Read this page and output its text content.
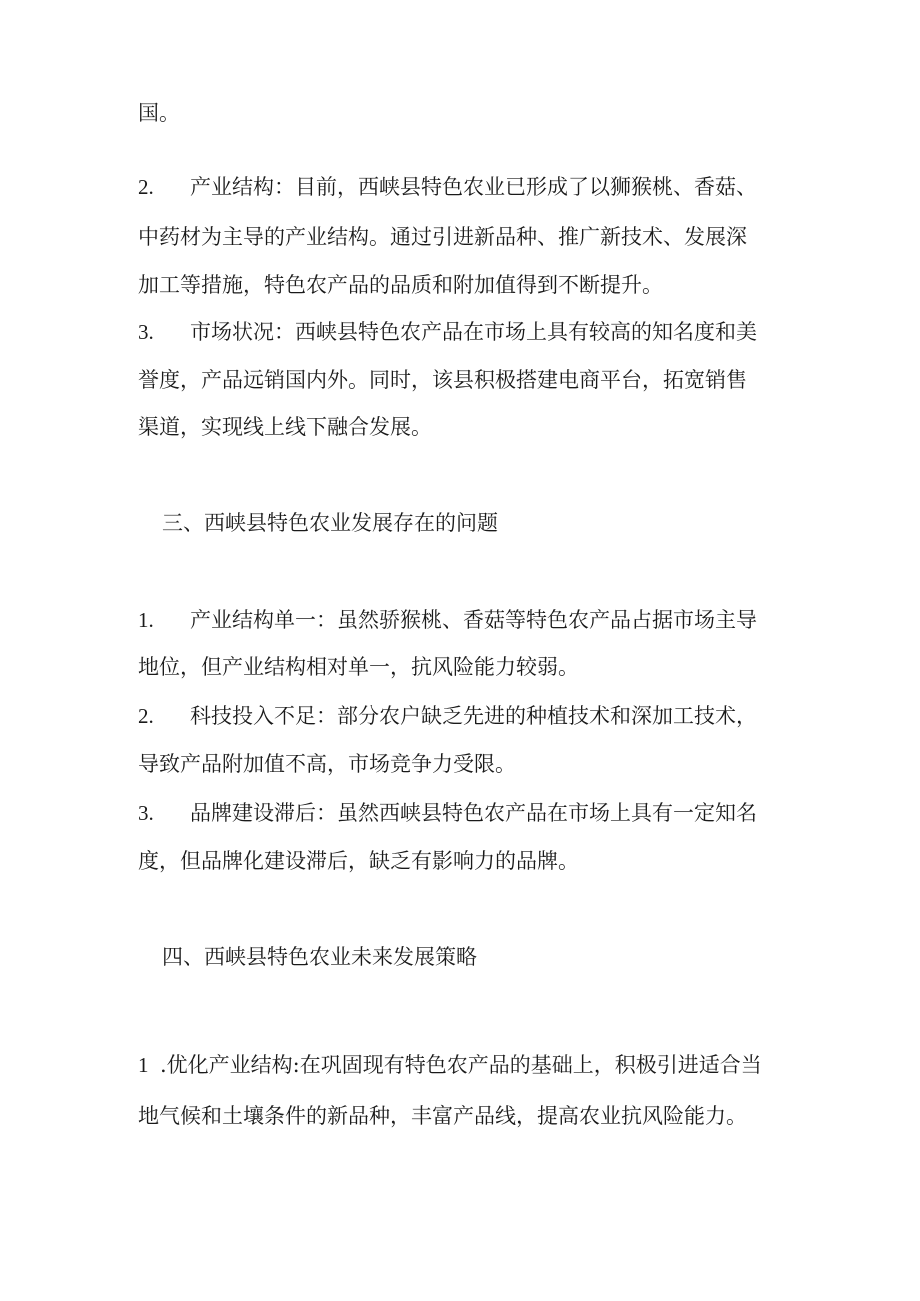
国。

2. 产业结构：目前，西峡县特色农业已形成了以狮猴桃、香菇、

中药材为主导的产业结构。通过引进新品种、推广新技术、发展深

加工等措施，特色农产品的品质和附加值得到不断提升。

3. 市场状况：西峡县特色农产品在市场上具有较高的知名度和美

誉度，产品远销国内外。同时，该县积极搭建电商平台，拓宽销售

渠道，实现线上线下融合发展。

三、西峡县特色农业发展存在的问题

1. 产业结构单一：虽然骄猴桃、香菇等特色农产品占据市场主导

地位，但产业结构相对单一，抗风险能力较弱。

2. 科技投入不足：部分农户缺乏先进的种植技术和深加工技术，

导致产品附加值不高，市场竞争力受限。

3. 品牌建设滞后：虽然西峡县特色农产品在市场上具有一定知名

度，但品牌化建设滞后，缺乏有影响力的品牌。

四、西峡县特色农业未来发展策略

1 .优化产业结构:在巩固现有特色农产品的基础上，积极引进适合当

地气候和土壤条件的新品种，丰富产品线，提高农业抗风险能力。
